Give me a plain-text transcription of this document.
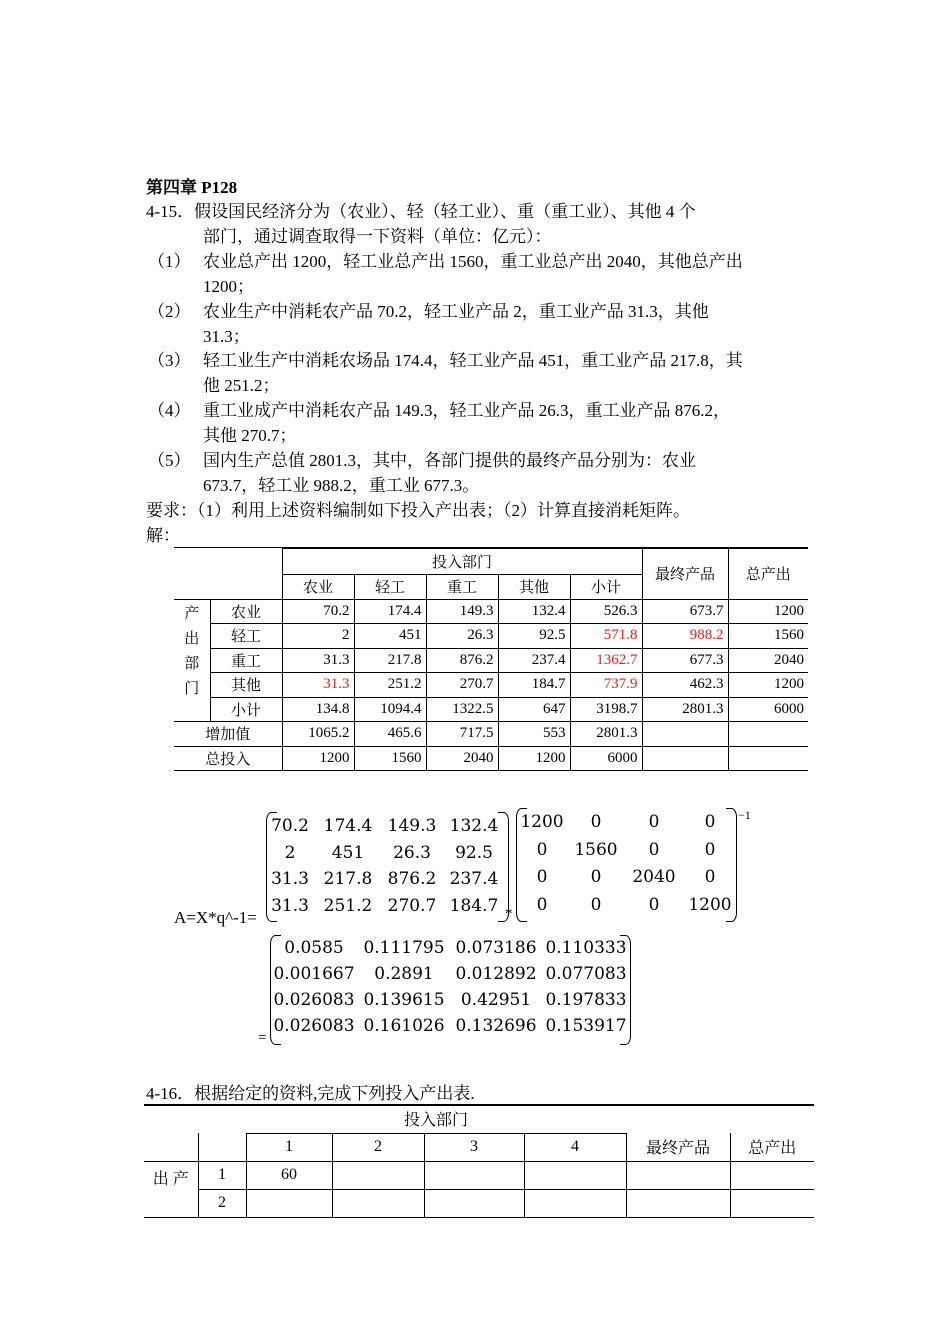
第四章 P128
4-15．假设国民经济分为（农业）、轻（轻工业）、重（重工业）、其他 4 个
部门，通过调查取得一下资料（单位：亿元）：
（1） 农业总产出 1200，轻工业总产出 1560，重工业总产出 2040，其他总产出
1200；
（2） 农业生产中消耗农产品 70.2，轻工业产品 2，重工业产品 31.3，其他
31.3；
（3） 轻工业生产中消耗农场品 174.4，轻工业产品 451，重工业产品 217.8，其
他 251.2；
（4） 重工业成产中消耗农产品 149.3，轻工业产品 26.3，重工业产品 876.2，
其他 270.7；
（5） 国内生产总值 2801.3，其中，各部门提供的最终产品分别为：农业
673.7，轻工业 988.2，重工业 677.3。
要求：（1）利用上述资料编制如下投入产出表；（2）计算直接消耗矩阵。
解：
		投入部门					最终产品	总产出
		农业	轻工	重工	其他	小计		

产
出
部
门	农业	70.2	174.4	149.3	132.4	526.3	673.7	1200
	轻工	2	451	26.3	92.5	571.8	988.2	1560
	重工	31.3	217.8	876.2	237.4	1362.7	677.3	2040
	其他	31.3	251.2	270.7	184.7	737.9	462.3	1200
	小计	134.8	1094.4	1322.5	647	3198.7	2801.3	6000
增加值		1065.2	465.6	717.5	553	2801.3		
总投入		1200	1560	2040	1200	6000		
A=X*q^-1=
70.2 174.4 149.3 132.4
2	451	26.3	92.5
31.3 217.8 876.2 237.4
31.3 251.2 270.7 184.7 *
1200	0	0	0
0	1560	0	0
0	0	2040	0
0	0	0	1200
−1
=
0.0585	0.111795 0.073186 0.110333
0.001667	0.2891	0.012892 0.077083
0.026083 0.139615 0.42951 0.197833
0.026083 0.161026 0.132696 0.153917
4-16．根据给定的资料,完成下列投入产出表.
		投入部门					
		1	2	3	4	最终产品	总产出
出 产	1	60					
	2						
